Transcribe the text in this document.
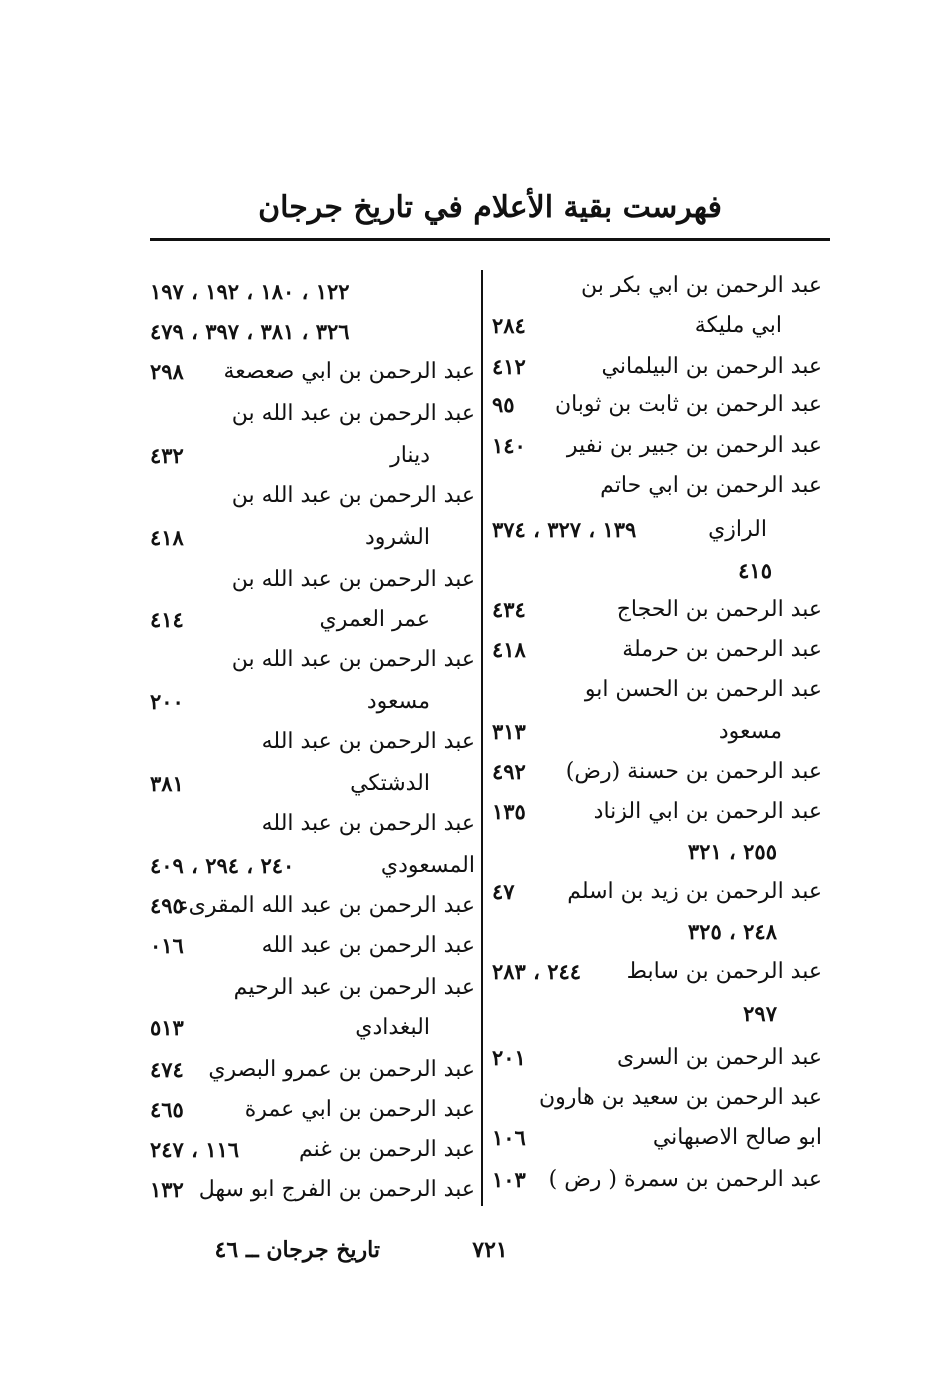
فهرست بقية الأعلام في تاريخ جرجان
عبد الرحمن بن ابي بكر بن
ابي مليكة
٢٨٤
عبد الرحمن بن البيلماني
٤١٢
عبد الرحمن بن ثابت بن ثوبان
٩٥
عبد الرحمن بن جبير بن نفير
١٤٠
عبد الرحمن بن ابي حاتم
الرازي
١٣٩ ، ٣٢٧ ، ٣٧٤
٤١٥
عبد الرحمن بن الحجاج
٤٣٤
عبد الرحمن بن حرملة
٤١٨
عبد الرحمن بن الحسن ابو
مسعود
٣١٣
عبد الرحمن بن حسنة (رض)
٤٩٢
عبد الرحمن بن ابي الزناد
١٣٥
٢٥٥ ، ٣٢١
عبد الرحمن بن زيد بن اسلم
٤٧
٢٤٨ ، ٣٢٥
عبد الرحمن بن سابط
٢٤٤ ، ٢٨٣
٢٩٧
عبد الرحمن بن السرى
٢٠١
عبد الرحمن بن سعيد بن هارون
ابو صالح الاصبهاني
١٠٦
عبد الرحمن بن سمرة ( رض )
١٠٣
١٢٢ ، ١٨٠ ، ١٩٢ ، ١٩٧
٣٢٦ ، ٣٨١ ، ٣٩٧ ، ٤٧٩
عبد الرحمن بن ابي صعصعة
٢٩٨
عبد الرحمن بن عبد الله بن
دينار
٤٣٢
عبد الرحمن بن عبد الله بن
الشرود
٤١٨
عبد الرحمن بن عبد الله بن
عمر العمري
٤١٤
عبد الرحمن بن عبد الله بن
مسعود
٢٠٠
عبد الرحمن بن عبد الله
الدشتكي
٣٨١
عبد الرحمن بن عبد الله
المسعودي
٢٤٠ ، ٢٩٤ ، ٤٠٩
عبد الرحمن بن عبد الله المقرىء
٤٩٥
عبد الرحمن بن عبد الله
٠١٦
عبد الرحمن بن عبد الرحيم
البغدادي
٥١٣
عبد الرحمن بن عمرو البصري
٤٧٤
عبد الرحمن بن ابي عمرة
٤٦٥
عبد الرحمن بن غنم
١١٦ ، ٢٤٧
عبد الرحمن بن الفرج ابو سهل
١٣٢
٧٢١
تاريخ جرجان ــ ٤٦
